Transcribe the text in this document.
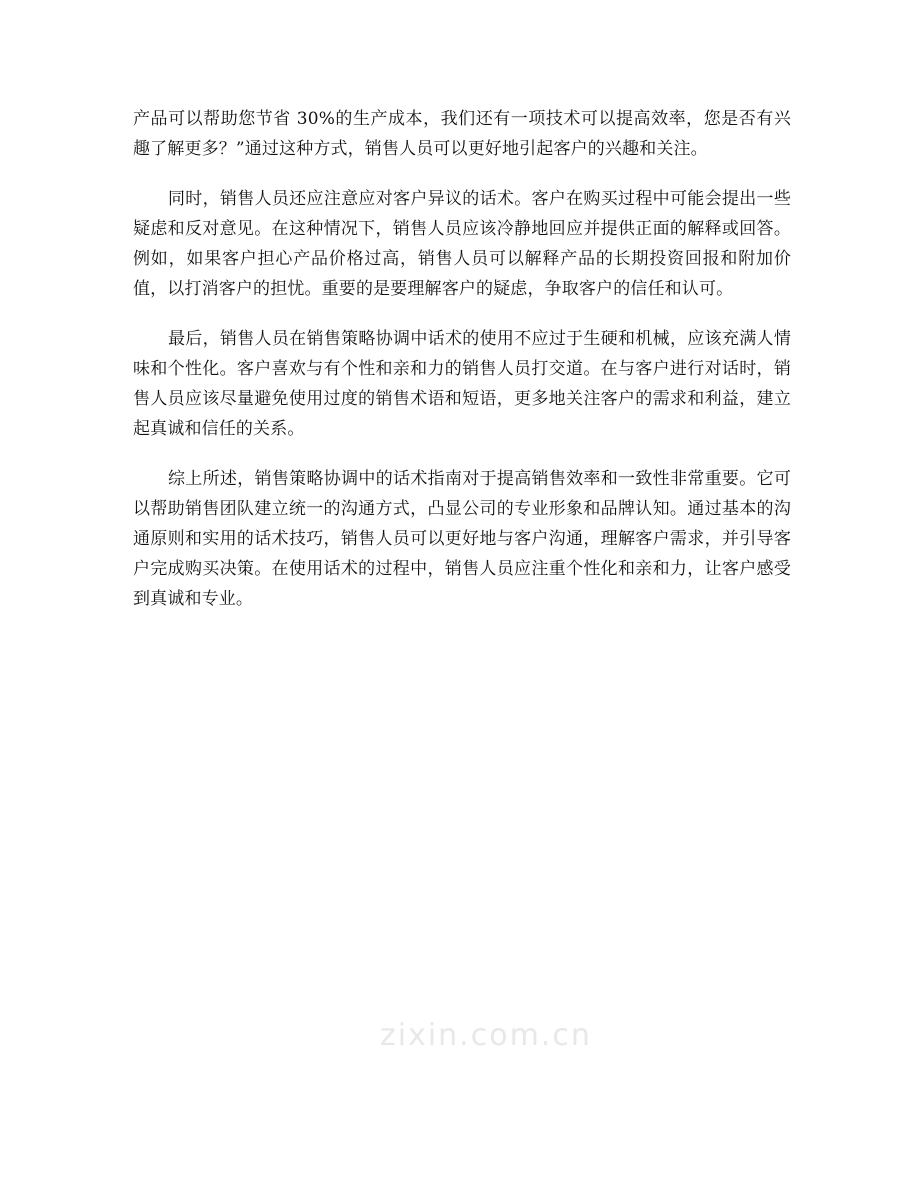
产品可以帮助您节省 30%的生产成本，我们还有一项技术可以提高效率，您是否有兴趣了解更多？”通过这种方式，销售人员可以更好地引起客户的兴趣和关注。

同时，销售人员还应注意应对客户异议的话术。客户在购买过程中可能会提出一些疑虑和反对意见。在这种情况下，销售人员应该冷静地回应并提供正面的解释或回答。例如，如果客户担心产品价格过高，销售人员可以解释产品的长期投资回报和附加价值，以打消客户的担忧。重要的是要理解客户的疑虑，争取客户的信任和认可。

最后，销售人员在销售策略协调中话术的使用不应过于生硬和机械，应该充满人情味和个性化。客户喜欢与有个性和亲和力的销售人员打交道。在与客户进行对话时，销售人员应该尽量避免使用过度的销售术语和短语，更多地关注客户的需求和利益，建立起真诚和信任的关系。

综上所述，销售策略协调中的话术指南对于提高销售效率和一致性非常重要。它可以帮助销售团队建立统一的沟通方式，凸显公司的专业形象和品牌认知。通过基本的沟通原则和实用的话术技巧，销售人员可以更好地与客户沟通，理解客户需求，并引导客户完成购买决策。在使用话术的过程中，销售人员应注重个性化和亲和力，让客户感受到真诚和专业。

zixin.com.cn
